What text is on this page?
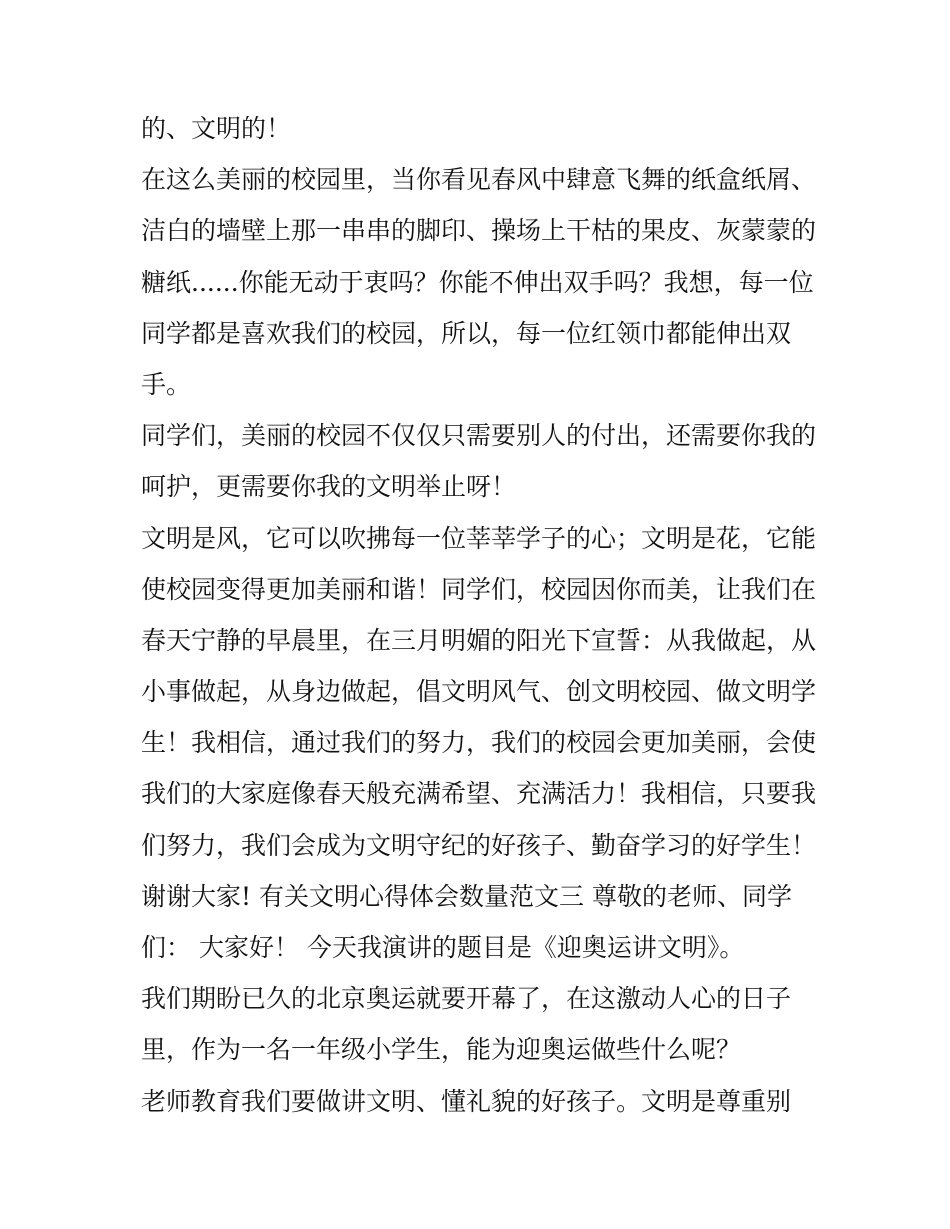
的、文明的！
在这么美丽的校园里，当你看见春风中肆意飞舞的纸盒纸屑、
洁白的墙壁上那一串串的脚印、操场上干枯的果皮、灰蒙蒙的
糖纸......你能无动于衷吗？你能不伸出双手吗？我想，每一位
同学都是喜欢我们的校园，所以，每一位红领巾都能伸出双
手。
同学们，美丽的校园不仅仅只需要别人的付出，还需要你我的
呵护，更需要你我的文明举止呀！
文明是风，它可以吹拂每一位莘莘学子的心；文明是花，它能
使校园变得更加美丽和谐！同学们，校园因你而美，让我们在
春天宁静的早晨里，在三月明媚的阳光下宣誓：从我做起，从
小事做起，从身边做起，倡文明风气、创文明校园、做文明学
生！我相信，通过我们的努力，我们的校园会更加美丽，会使
我们的大家庭像春天般充满希望、充满活力！我相信，只要我
们努力，我们会成为文明守纪的好孩子、勤奋学习的好学生！
谢谢大家! 有关文明心得体会数量范文三 尊敬的老师、同学
们： 大家好！ 今天我演讲的题目是《迎奥运讲文明》。
我们期盼已久的北京奥运就要开幕了，在这激动人心的日子
里，作为一名一年级小学生，能为迎奥运做些什么呢？
老师教育我们要做讲文明、懂礼貌的好孩子。文明是尊重别
